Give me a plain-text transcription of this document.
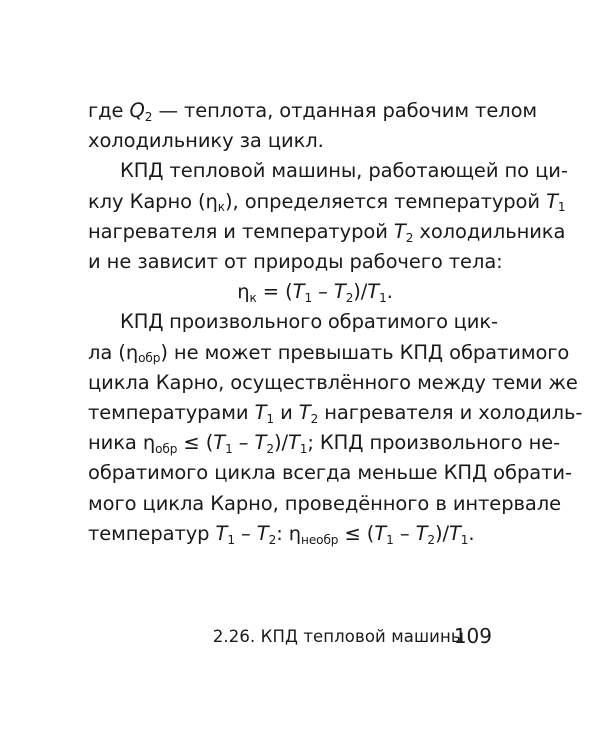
где $Q_2$ — теплота, отданная рабочим телом
холодильнику за цикл.
КПД тепловой машины, работающей по ци-
клу Карно $(\eta_к)$, определяется температурой $T_1$
нагревателя и температурой $T_2$ холодильника
и не зависит от природы рабочего тела:
$\eta_к = (T_1 - T_2)/T_1$.
КПД произвольного обратимого цик-
ла $(\eta_{обр})$ не может превышать КПД обратимого
цикла Карно, осуществлённого между теми же
температурами $T_1$ и $T_2$ нагревателя и холодиль-
ника $\eta_{обр} \le (T_1 - T_2)/T_1$; КПД произвольного не-
обратимого цикла всегда меньше КПД обрати-
мого цикла Карно, проведённого в интервале
температур $T_1 - T_2$: $\eta_{необр} \le (T_1 - T_2)/T_1$.
2.26. КПД тепловой машины
109
